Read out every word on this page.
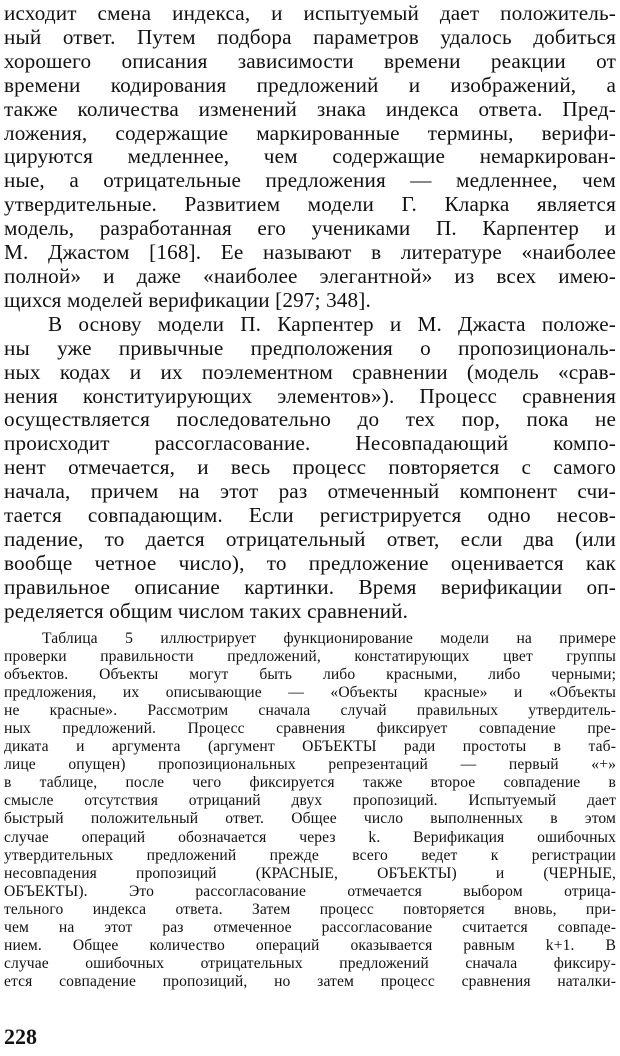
исходит смена индекса, и испытуемый дает положитель-
ный ответ. Путем подбора параметров удалось добиться
хорошего описания зависимости времени реакции от
времени кодирования предложений и изображений, а
также количества изменений знака индекса ответа. Пред-
ложения, содержащие маркированные термины, верифи-
цируются медленнее, чем содержащие немаркирован-
ные, а отрицательные предложения — медленнее, чем
утвердительные. Развитием модели Г. Кларка является
модель, разработанная его учениками П. Карпентер и
М. Джастом [168]. Ее называют в литературе «наиболее
полной» и даже «наиболее элегантной» из всех имею-
щихся моделей верификации [297; 348].
В основу модели П. Карпентер и М. Джаста положе-
ны уже привычные предположения о пропозициональ-
ных кодах и их поэлементном сравнении (модель «срав-
нения конституирующих элементов»). Процесс сравнения
осуществляется последовательно до тех пор, пока не
происходит рассогласование. Несовпадающий компо-
нент отмечается, и весь процесс повторяется с самого
начала, причем на этот раз отмеченный компонент счи-
тается совпадающим. Если регистрируется одно несов-
падение, то дается отрицательный ответ, если два (или
вообще четное число), то предложение оценивается как
правильное описание картинки. Время верификации оп-
ределяется общим числом таких сравнений.
Таблица 5 иллюстрирует функционирование модели на примере
проверки правильности предложений, констатирующих цвет группы
объектов. Объекты могут быть либо красными, либо черными;
предложения, их описывающие — «Объекты красные» и «Объекты
не красные». Рассмотрим сначала случай правильных утвердитель-
ных предложений. Процесс сравнения фиксирует совпадение пре-
диката и аргумента (аргумент ОБЪЕКТЫ ради простоты в таб-
лице опущен) пропозициональных репрезентаций — первый «+»
в таблице, после чего фиксируется также второе совпадение в
смысле отсутствия отрицаний двух пропозиций. Испытуемый дает
быстрый положительный ответ. Общее число выполненных в этом
случае операций обозначается через k. Верификация ошибочных
утвердительных предложений прежде всего ведет к регистрации
несовпадения пропозиций (КРАСНЫЕ, ОБЪЕКТЫ) и (ЧЕРНЫЕ,
ОБЪЕКТЫ). Это рассогласование отмечается выбором отрица-
тельного индекса ответа. Затем процесс повторяется вновь, при-
чем на этот раз отмеченное рассогласование считается совпаде-
нием. Общее количество операций оказывается равным k+1. В
случае ошибочных отрицательных предложений сначала фиксиру-
ется совпадение пропозиций, но затем процесс сравнения наталки-
228
